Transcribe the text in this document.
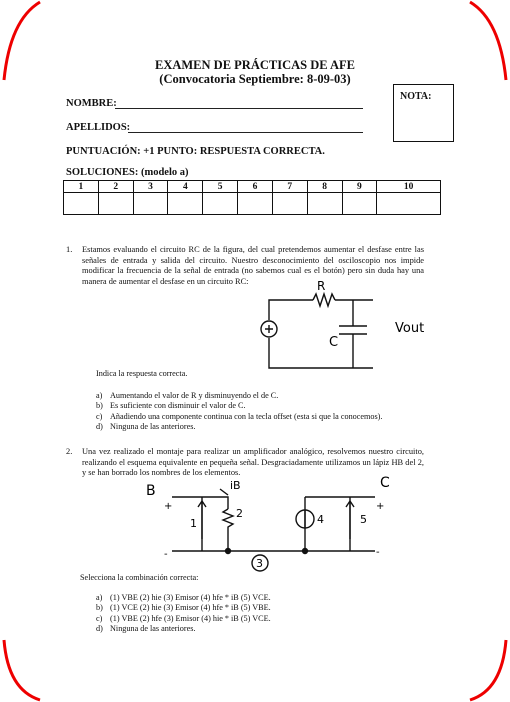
EXAMEN DE PRÁCTICAS DE AFE
(Convocatoria Septiembre: 8-09-03)
NOTA:
NOMBRE:
APELLIDOS:
PUNTUACIÓN: +1 PUNTO: RESPUESTA CORRECTA.
SOLUCIONES: (modelo a)
1	2	3	4	5	6	7	8	9	10

1. Estamos evaluando el circuito RC de la figura, del cual pretendemos aumentar el desfase entre las señales de entrada y salida del circuito. Nuestro desconocimiento del osciloscopio nos impide modificar la frecuencia de la señal de entrada (no sabemos cual es el botón) pero sin duda hay una manera de aumentar el desfase en un circuito RC:	R
C
Vout
Indica la respuesta correcta.
a) Aumentando el valor de R y disminuyendo el de C.
b) Es suficiente con disminuir el valor de C.
c) Añadiendo una componente continua con la tecla offset (esta si que la conocemos).
d) Ninguna de las anteriores.
2. Una vez realizado el montaje para realizar un amplificador analógico, resolvemos nuestro circuito, realizando el esquema equivalente en pequeña señal. Desgraciadamente utilizamos un lápiz HB del 2, y se han borrado los nombres de los elementos.
B	C
iB
1
2
3
4	5
+
-
+
-
Selecciona la combinación correcta:
a) (1) VBE (2) hie (3) Emisor (4) hfe * iB (5) VCE.
b) (1) VCE (2) hie (3) Emisor (4) hfe * iB (5) VBE.
c) (1) VBE (2) hfe (3) Emisor (4) hie * iB (5) VCE.
d) Ninguna de las anteriores.
